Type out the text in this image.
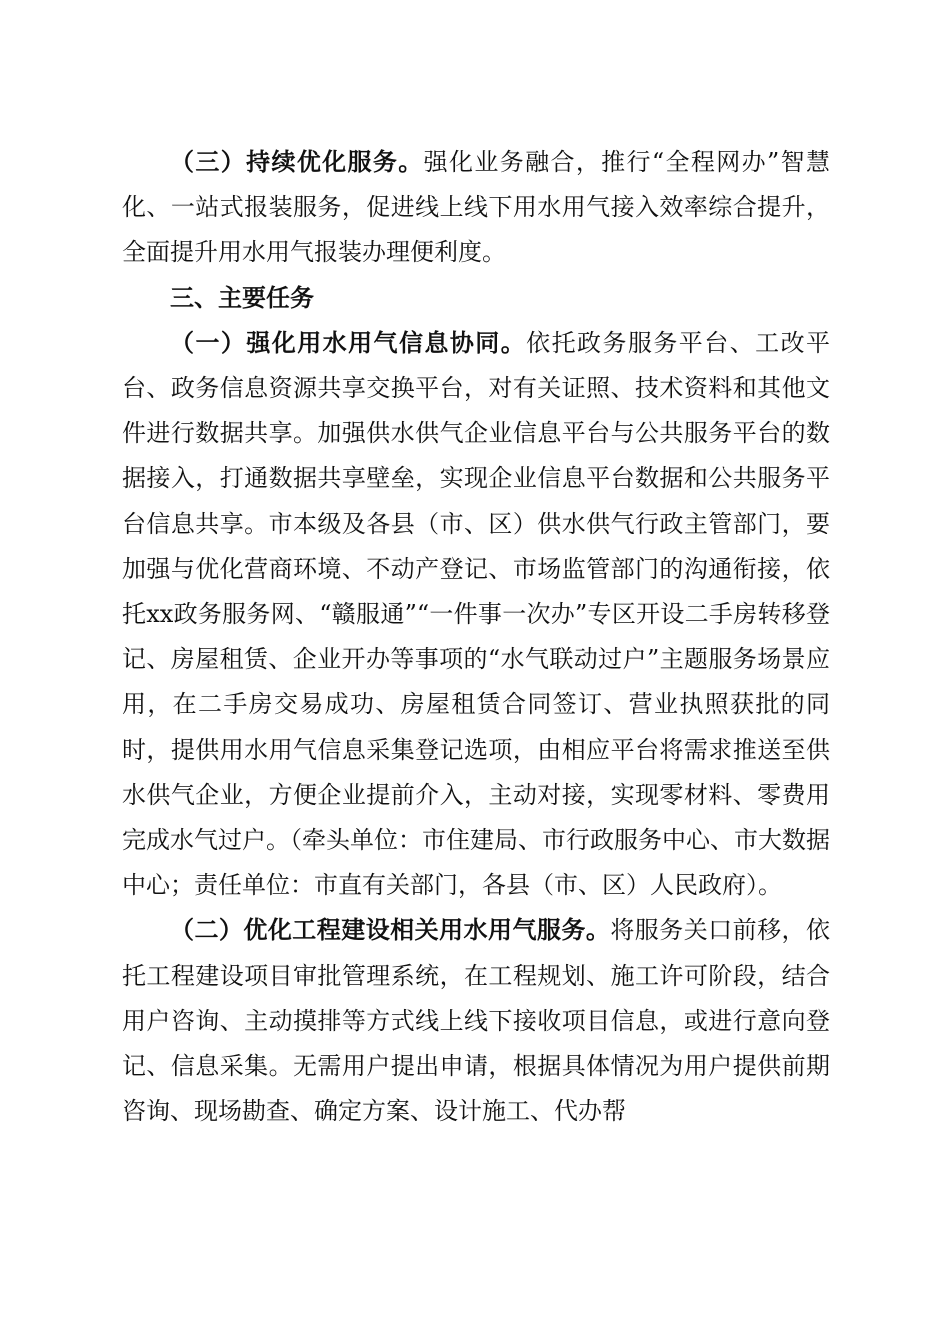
（三）持续优化服务。强化业务融合，推行“全程网办”智慧化、一站式报装服务，促进线上线下用水用气接入效率综合提升，全面提升用水用气报装办理便利度。

三、主要任务

（一）强化用水用气信息协同。依托政务服务平台、工改平台、政务信息资源共享交换平台，对有关证照、技术资料和其他文件进行数据共享。加强供水供气企业信息平台与公共服务平台的数据接入，打通数据共享壁垒，实现企业信息平台数据和公共服务平台信息共享。市本级及各县（市、区）供水供气行政主管部门，要加强与优化营商环境、不动产登记、市场监管部门的沟通衔接，依托xx政务服务网、“赣服通”“一件事一次办”专区开设二手房转移登记、房屋租赁、企业开办等事项的“水气联动过户”主题服务场景应用，在二手房交易成功、房屋租赁合同签订、营业执照获批的同时，提供用水用气信息采集登记选项，由相应平台将需求推送至供水供气企业，方便企业提前介入，主动对接，实现零材料、零费用完成水气过户。（牵头单位：市住建局、市行政服务中心、市大数据中心；责任单位：市直有关部门，各县（市、区）人民政府）。

（二）优化工程建设相关用水用气服务。将服务关口前移，依托工程建设项目审批管理系统，在工程规划、施工许可阶段，结合用户咨询、主动摸排等方式线上线下接收项目信息，或进行意向登记、信息采集。无需用户提出申请，根据具体情况为用户提供前期咨询、现场勘查、确定方案、设计施工、代办帮
